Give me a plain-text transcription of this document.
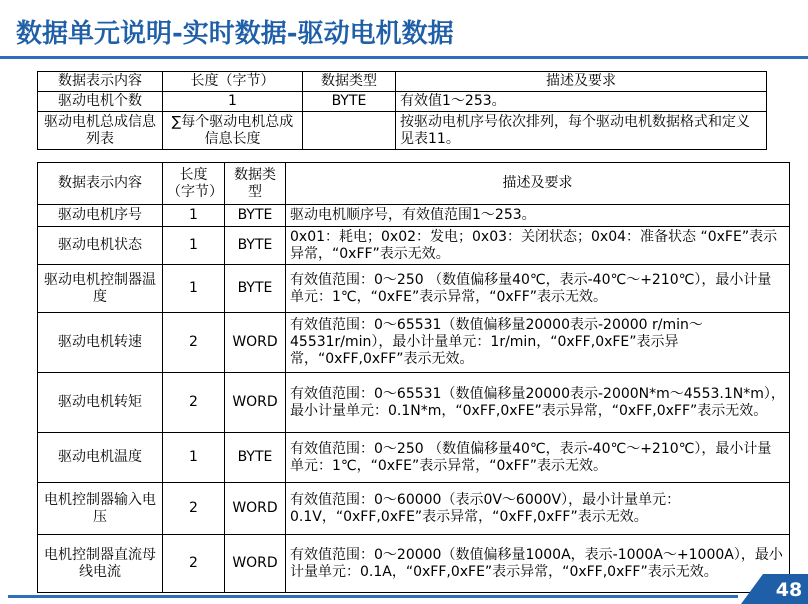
数据单元说明-实时数据-驱动电机数据
数据表示内容	长度（字节）	数据类型	描述及要求
驱动电机个数	1	BYTE	有效值1～253。
驱动电机总成信息列表	∑每个驱动电机总成信息长度		按驱动电机序号依次排列，每个驱动电机数据格式和定义见表11。
数据表示内容	长度（字节）	数据类型	描述及要求
驱动电机序号	1	BYTE	驱动电机顺序号，有效值范围1～253。
驱动电机状态	1	BYTE	0x01：耗电；0x02：发电；0x03：关闭状态；0x04：准备状态 “0xFE”表示异常，“0xFF”表示无效。
驱动电机控制器温度	1	BYTE	有效值范围：0～250 （数值偏移量40℃，表示-40℃～+210℃），最小计量单元：1℃，“0xFE”表示异常，“0xFF”表示无效。
驱动电机转速	2	WORD	有效值范围：0～65531（数值偏移量20000表示-20000 r/min～45531r/min），最小计量单元：1r/min，“0xFF,0xFE”表示异常，“0xFF,0xFF”表示无效。
驱动电机转矩	2	WORD	有效值范围：0～65531（数值偏移量20000表示-2000N*m～4553.1N*m），最小计量单元：0.1N*m，“0xFF,0xFE”表示异常，“0xFF,0xFF”表示无效。
驱动电机温度	1	BYTE	有效值范围：0～250 （数值偏移量40℃，表示-40℃～+210℃），最小计量单元：1℃，“0xFE”表示异常，“0xFF”表示无效。
电机控制器输入电压	2	WORD	有效值范围：0～60000（表示0V～6000V），最小计量单元：0.1V，“0xFF,0xFE”表示异常，“0xFF,0xFF”表示无效。
电机控制器直流母线电流	2	WORD	有效值范围：0～20000（数值偏移量1000A，表示-1000A～+1000A），最小计量单元：0.1A，“0xFF,0xFE”表示异常，“0xFF,0xFF”表示无效。
48
